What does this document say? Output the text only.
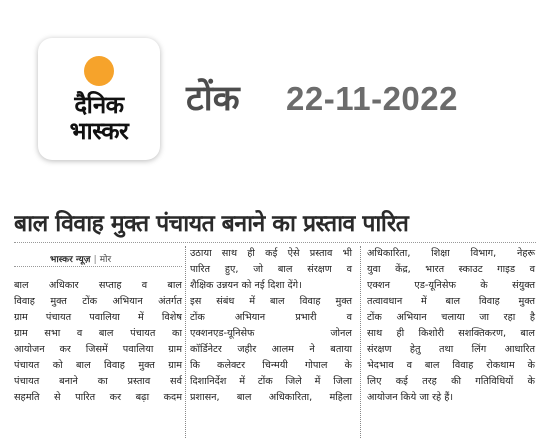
दैनिक
भास्कर
टोंक 22-11-2022
बाल विवाह मुक्त पंचायत बनाने का प्रस्ताव पारित
भास्कर न्यूज़ | मोर
बाल अधिकार सप्ताह व बाल
विवाह मुक्त टोंक अभियान अंतर्गत
ग्राम पंचायत पवालिया में विशेष
ग्राम सभा व बाल पंचायत का
आयोजन कर जिसमें पवालिया ग्राम
पंचायत को बाल विवाह मुक्त ग्राम
पंचायत बनाने का प्रस्ताव सर्व
सहमति से पारित कर बढ़ा कदम
उठाया साथ ही कई ऐसे प्रस्ताव भी
पारित हुए, जो बाल संरक्षण व
शैक्षिक उन्नयन को नई दिशा देंगे।
इस संबंध में बाल विवाह मुक्त
टोंक अभियान प्रभारी व
एक्शनएड-यूनिसेफ जोनल
कॉर्डिनेटर जहीर आलम ने बताया
कि कलेक्टर चिन्मयी गोपाल के
दिशानिर्देश में टोंक जिले में जिला
प्रशासन, बाल अधिकारिता, महिला
अधिकारिता, शिक्षा विभाग, नेहरू
युवा केंद्र, भारत स्काउट गाइड व
एक्शन एड-यूनिसेफ के संयुक्त
तत्वावधान में बाल विवाह मुक्त
टोंक अभियान चलाया जा रहा है
साथ ही किशोरी सशक्तिकरण, बाल
संरक्षण हेतु तथा लिंग आधारित
भेदभाव व बाल विवाह रोकथाम के
लिए कई तरह की गतिविधियों के
आयोजन किये जा रहे हैं।
